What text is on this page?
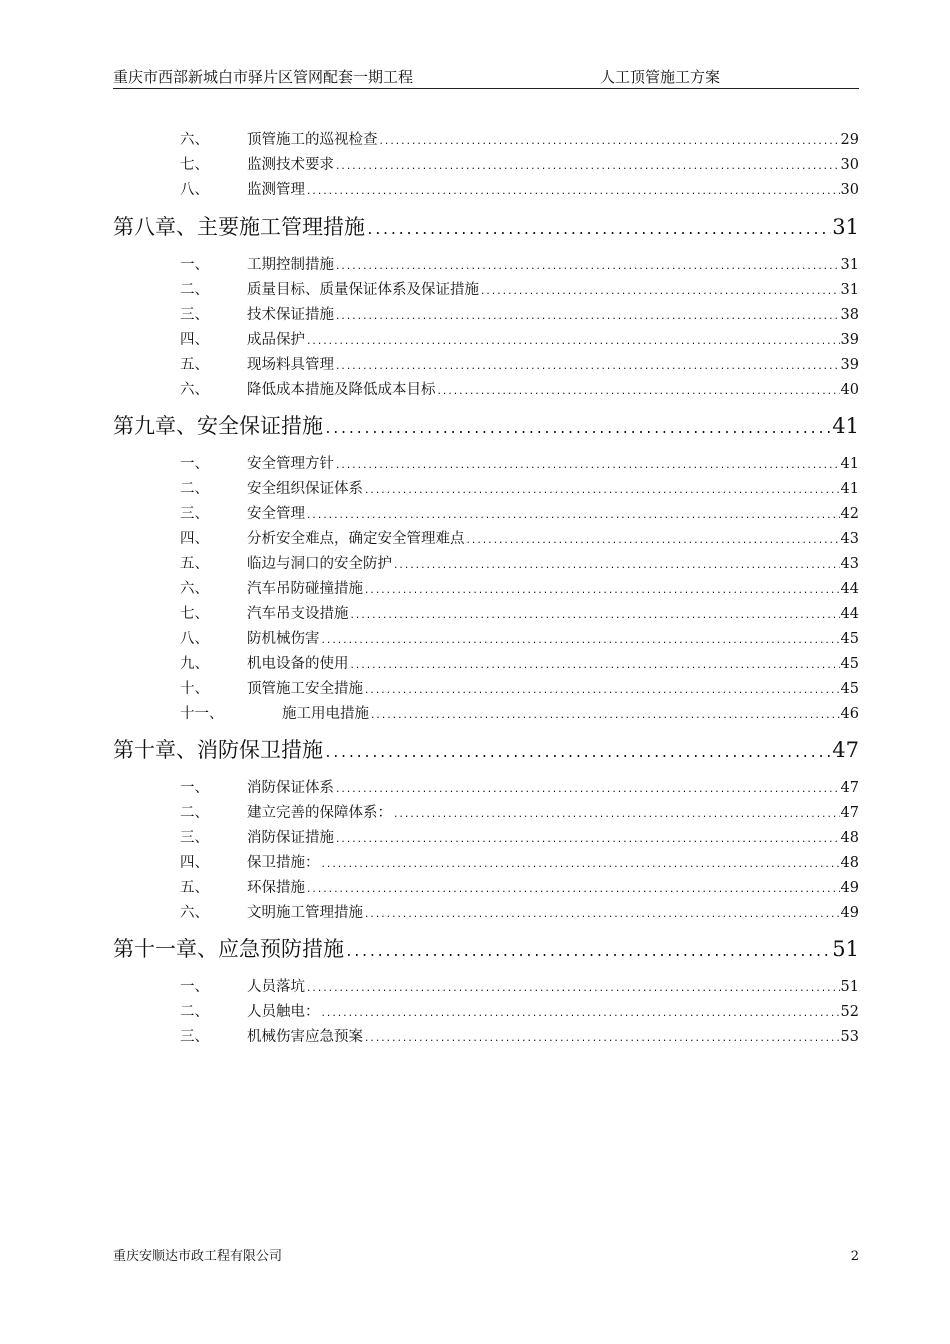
重庆市西部新城白市驿片区管网配套一期工程	人工顶管施工方案
六、	顶管施工的巡视检查 .....	29
七、	监测技术要求 .....	30
八、	监测管理 .....	30
第八章、主要施工管理措施 .....	31
一、	工期控制措施 .....	31
二、	质量目标、质量保证体系及保证措施 .....	31
三、	技术保证措施 .....	38
四、	成品保护 .....	39
五、	现场料具管理 .....	39
六、	降低成本措施及降低成本目标 .....	40
第九章、安全保证措施 .....	41
一、	安全管理方针 .....	41
二、	安全组织保证体系 .....	41
三、	安全管理 .....	42
四、	分析安全难点，确定安全管理难点 .....	43
五、	临边与洞口的安全防护 .....	43
六、	汽车吊防碰撞措施 .....	44
七、	汽车吊支设措施 .....	44
八、	防机械伤害 .....	45
九、	机电设备的使用 .....	45
十、	顶管施工安全措施 .....	45
十一、	施工用电措施 .....	46
第十章、消防保卫措施 .....	47
一、	消防保证体系 .....	47
二、	建立完善的保障体系： .....	47
三、	消防保证措施 .....	48
四、	保卫措施： .....	48
五、	环保措施 .....	49
六、	文明施工管理措施 .....	49
第十一章、应急预防措施 .....	51
一、	人员落坑 .....	51
二、	人员触电： .....	52
三、	机械伤害应急预案 .....	53
重庆安顺达市政工程有限公司	2
